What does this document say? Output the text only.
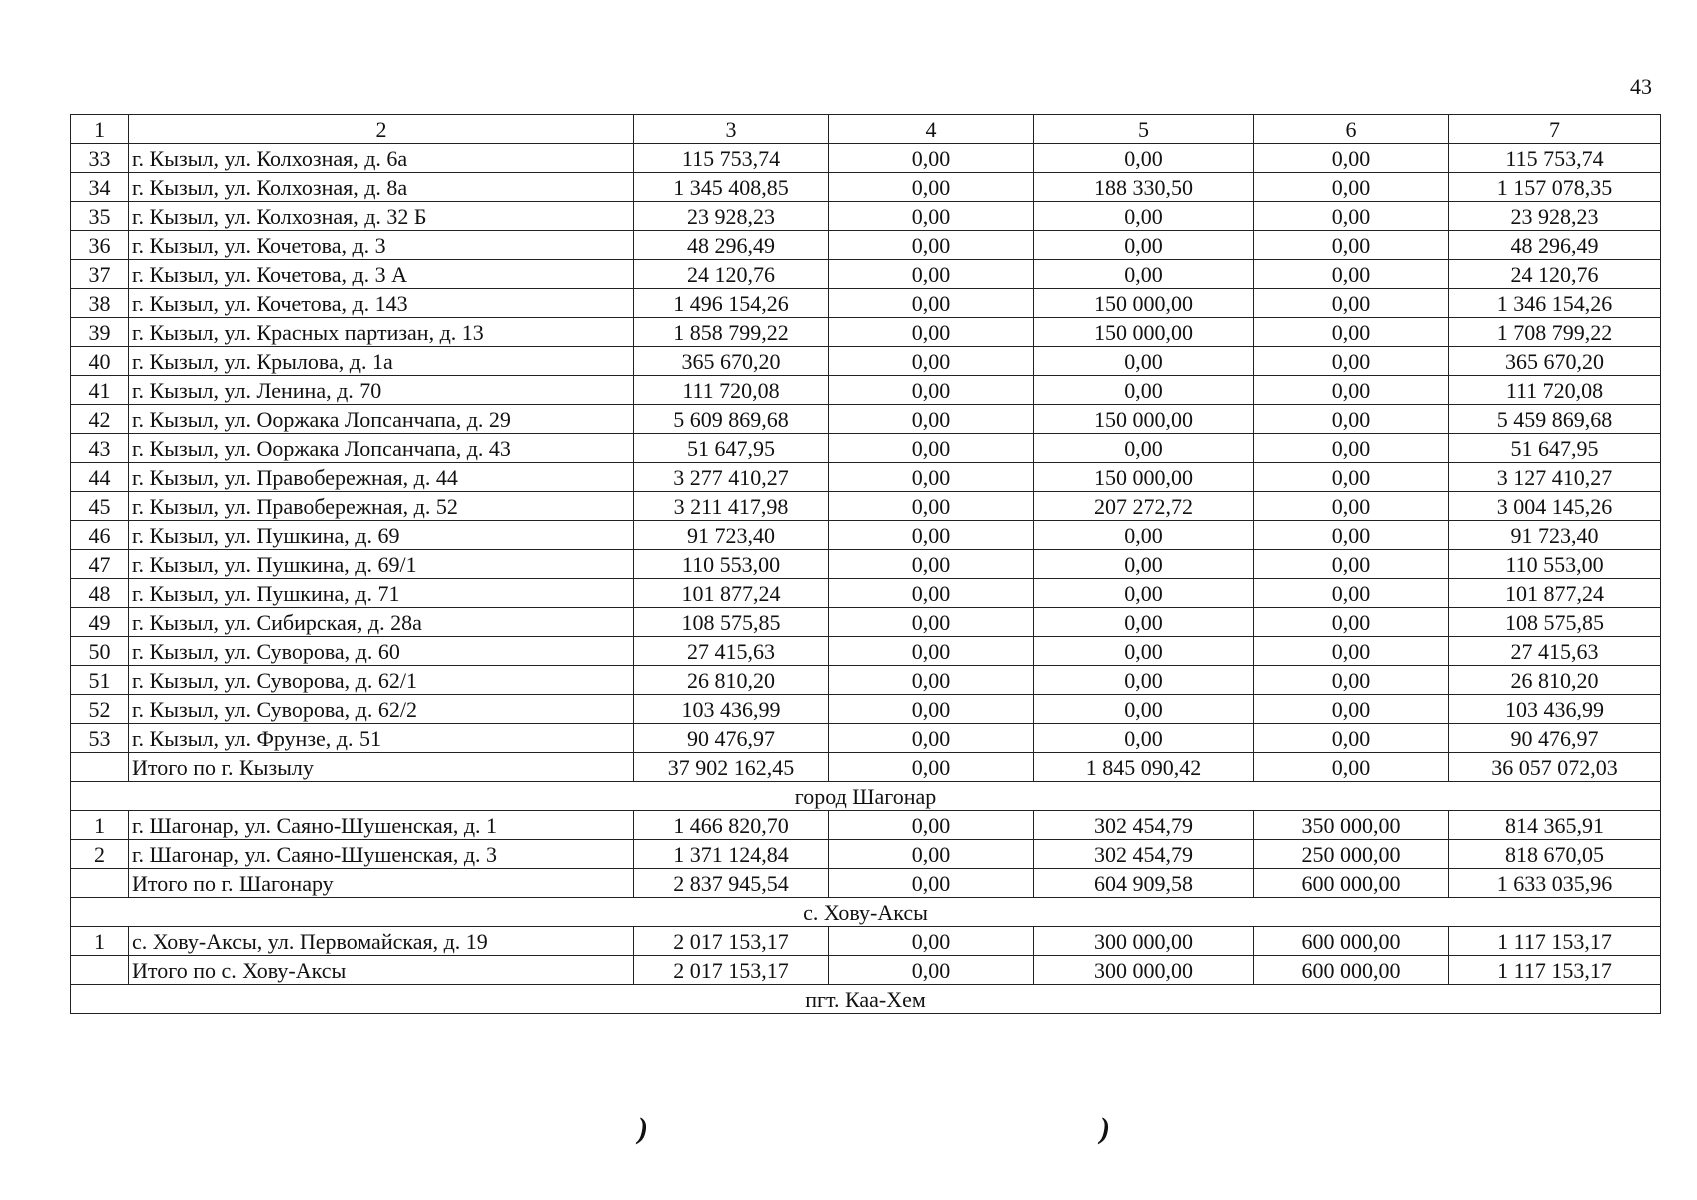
43
1	2	3	4	5	6	7
33	г. Кызыл, ул. Колхозная, д. 6а	115 753,74	0,00	0,00	0,00	115 753,74
34	г. Кызыл, ул. Колхозная, д. 8а	1 345 408,85	0,00	188 330,50	0,00	1 157 078,35
35	г. Кызыл, ул. Колхозная, д. 32 Б	23 928,23	0,00	0,00	0,00	23 928,23
36	г. Кызыл, ул. Кочетова, д. 3	48 296,49	0,00	0,00	0,00	48 296,49
37	г. Кызыл, ул. Кочетова, д. 3 А	24 120,76	0,00	0,00	0,00	24 120,76
38	г. Кызыл, ул. Кочетова, д. 143	1 496 154,26	0,00	150 000,00	0,00	1 346 154,26
39	г. Кызыл, ул. Красных партизан, д. 13	1 858 799,22	0,00	150 000,00	0,00	1 708 799,22
40	г. Кызыл, ул. Крылова, д. 1а	365 670,20	0,00	0,00	0,00	365 670,20
41	г. Кызыл, ул. Ленина, д. 70	111 720,08	0,00	0,00	0,00	111 720,08
42	г. Кызыл, ул. Ооржака Лопсанчапа, д. 29	5 609 869,68	0,00	150 000,00	0,00	5 459 869,68
43	г. Кызыл, ул. Ооржака Лопсанчапа, д. 43	51 647,95	0,00	0,00	0,00	51 647,95
44	г. Кызыл, ул. Правобережная, д. 44	3 277 410,27	0,00	150 000,00	0,00	3 127 410,27
45	г. Кызыл, ул. Правобережная, д. 52	3 211 417,98	0,00	207 272,72	0,00	3 004 145,26
46	г. Кызыл, ул. Пушкина, д. 69	91 723,40	0,00	0,00	0,00	91 723,40
47	г. Кызыл, ул. Пушкина, д. 69/1	110 553,00	0,00	0,00	0,00	110 553,00
48	г. Кызыл, ул. Пушкина, д. 71	101 877,24	0,00	0,00	0,00	101 877,24
49	г. Кызыл, ул. Сибирская, д. 28а	108 575,85	0,00	0,00	0,00	108 575,85
50	г. Кызыл, ул. Суворова, д. 60	27 415,63	0,00	0,00	0,00	27 415,63
51	г. Кызыл, ул. Суворова, д. 62/1	26 810,20	0,00	0,00	0,00	26 810,20
52	г. Кызыл, ул. Суворова, д. 62/2	103 436,99	0,00	0,00	0,00	103 436,99
53	г. Кызыл, ул. Фрунзе, д. 51	90 476,97	0,00	0,00	0,00	90 476,97
	Итого по г. Кызылу	37 902 162,45	0,00	1 845 090,42	0,00	36 057 072,03
город Шагонар						
1	г. Шагонар, ул. Саяно-Шушенская, д. 1	1 466 820,70	0,00	302 454,79	350 000,00	814 365,91
2	г. Шагонар, ул. Саяно-Шушенская, д. 3	1 371 124,84	0,00	302 454,79	250 000,00	818 670,05
	Итого по г. Шагонару	2 837 945,54	0,00	604 909,58	600 000,00	1 633 035,96
с. Хову-Аксы						
1	с. Хову-Аксы, ул. Первомайская, д. 19	2 017 153,17	0,00	300 000,00	600 000,00	1 117 153,17
	Итого по с. Хову-Аксы	2 017 153,17	0,00	300 000,00	600 000,00	1 117 153,17
пгт. Каа-Хем						
)	)
